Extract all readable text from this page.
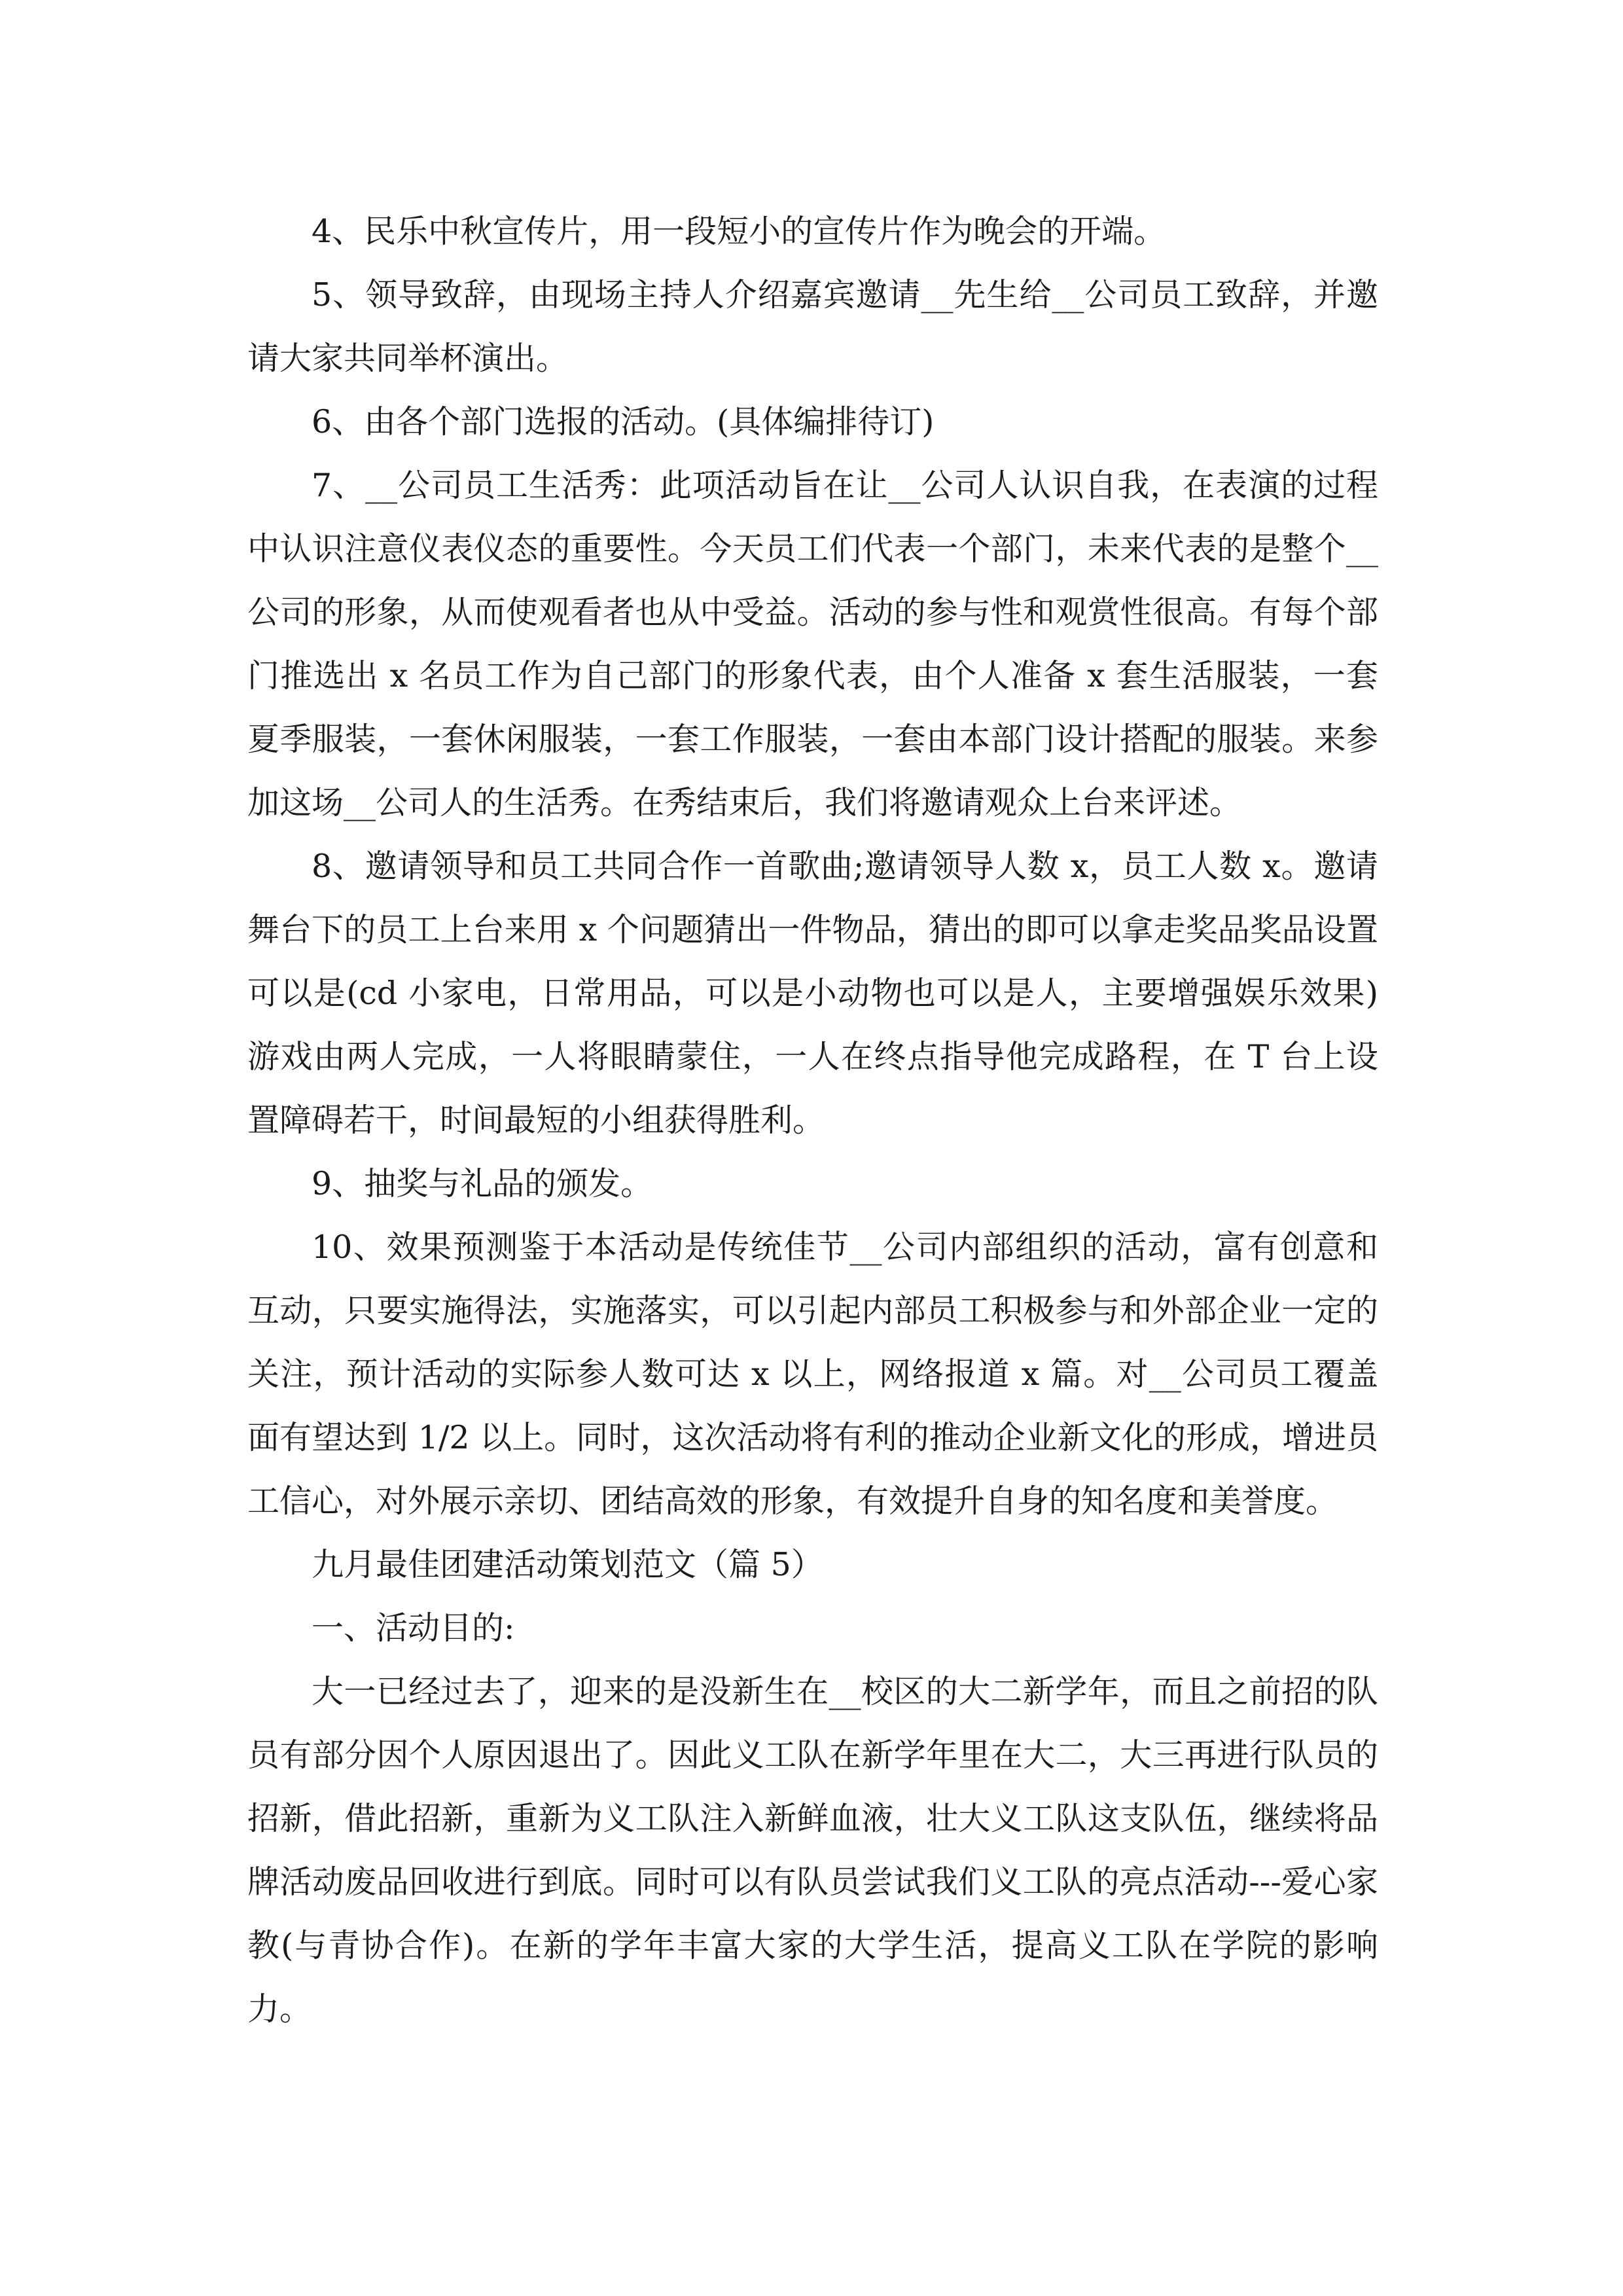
4、民乐中秋宣传片，用一段短小的宣传片作为晚会的开端。

5、领导致辞，由现场主持人介绍嘉宾邀请__先生给__公司员工致辞，并邀请大家共同举杯演出。

6、由各个部门选报的活动。(具体编排待订)

7、__公司员工生活秀：此项活动旨在让__公司人认识自我，在表演的过程中认识注意仪表仪态的重要性。今天员工们代表一个部门，未来代表的是整个__公司的形象，从而使观看者也从中受益。活动的参与性和观赏性很高。有每个部门推选出 x 名员工作为自己部门的形象代表，由个人准备 x 套生活服装，一套夏季服装，一套休闲服装，一套工作服装，一套由本部门设计搭配的服装。来参加这场__公司人的生活秀。在秀结束后，我们将邀请观众上台来评述。

8、邀请领导和员工共同合作一首歌曲;邀请领导人数 x，员工人数 x。邀请舞台下的员工上台来用 x 个问题猜出一件物品，猜出的即可以拿走奖品奖品设置可以是(cd 小家电，日常用品，可以是小动物也可以是人，主要增强娱乐效果)游戏由两人完成，一人将眼睛蒙住，一人在终点指导他完成路程，在 T 台上设置障碍若干，时间最短的小组获得胜利。

9、抽奖与礼品的颁发。

10、效果预测鉴于本活动是传统佳节__公司内部组织的活动，富有创意和互动，只要实施得法，实施落实，可以引起内部员工积极参与和外部企业一定的关注，预计活动的实际参人数可达 x 以上，网络报道 x 篇。对__公司员工覆盖面有望达到 1/2 以上。同时，这次活动将有利的推动企业新文化的形成，增进员工信心，对外展示亲切、团结高效的形象，有效提升自身的知名度和美誉度。

九月最佳团建活动策划范文（篇 5）

一、活动目的:

大一已经过去了，迎来的是没新生在__校区的大二新学年，而且之前招的队员有部分因个人原因退出了。因此义工队在新学年里在大二，大三再进行队员的招新，借此招新，重新为义工队注入新鲜血液，壮大义工队这支队伍，继续将品牌活动废品回收进行到底。同时可以有队员尝试我们义工队的亮点活动---爱心家教(与青协合作)。在新的学年丰富大家的大学生活，提高义工队在学院的影响力。
